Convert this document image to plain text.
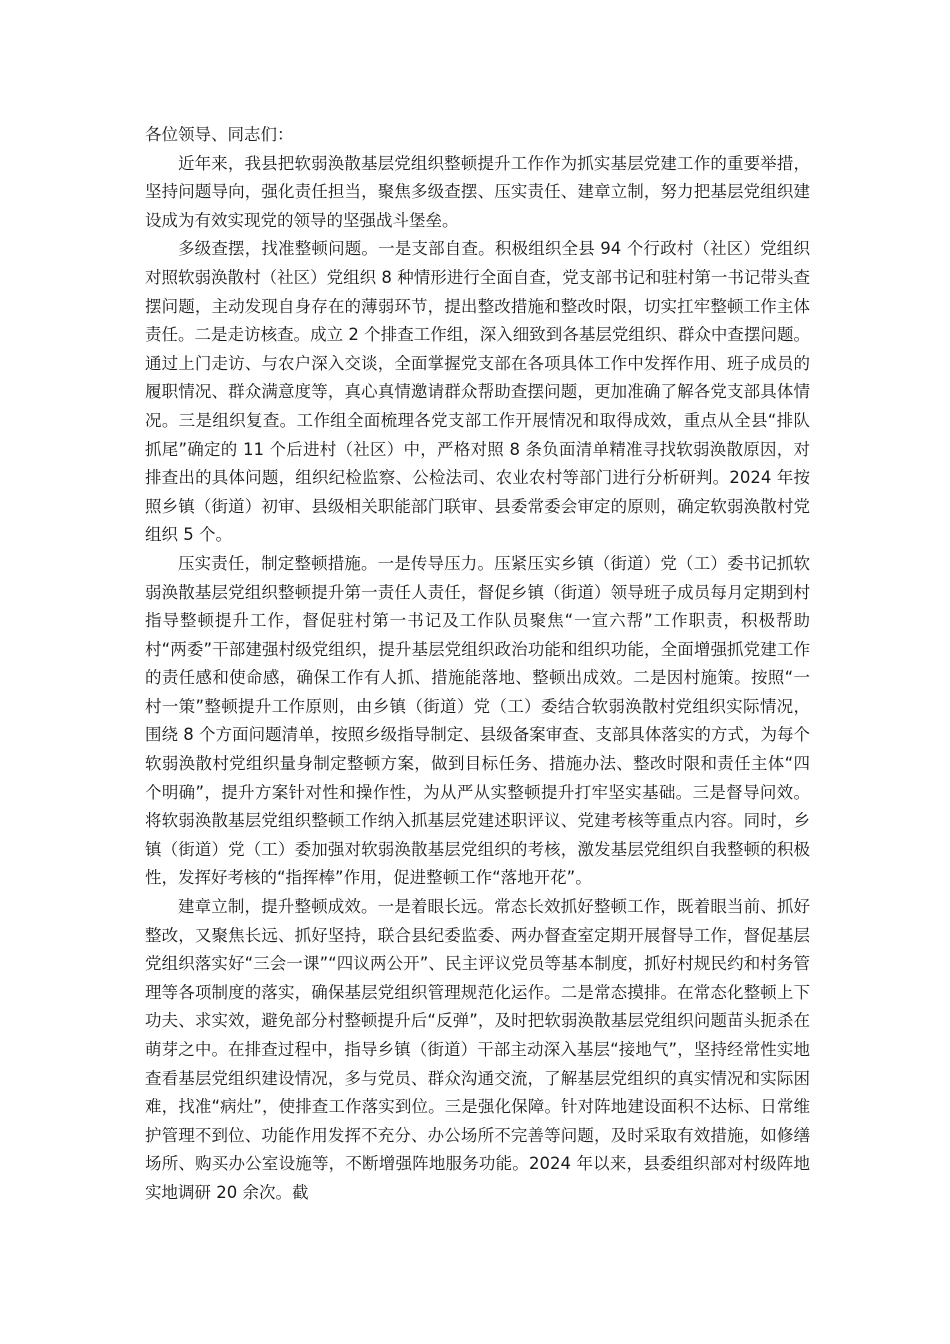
各位领导、同志们：

近年来，我县把软弱涣散基层党组织整顿提升工作作为抓实基层党建工作的重要举措，坚持问题导向，强化责任担当，聚焦多级查摆、压实责任、建章立制，努力把基层党组织建设成为有效实现党的领导的坚强战斗堡垒。

多级查摆，找准整顿问题。一是支部自查。积极组织全县 94 个行政村（社区）党组织对照软弱涣散村（社区）党组织 8 种情形进行全面自查，党支部书记和驻村第一书记带头查摆问题，主动发现自身存在的薄弱环节，提出整改措施和整改时限，切实扛牢整顿工作主体责任。二是走访核查。成立 2 个排查工作组，深入细致到各基层党组织、群众中查摆问题。通过上门走访、与农户深入交谈，全面掌握党支部在各项具体工作中发挥作用、班子成员的履职情况、群众满意度等，真心真情邀请群众帮助查摆问题，更加准确了解各党支部具体情况。三是组织复查。工作组全面梳理各党支部工作开展情况和取得成效，重点从全县“排队抓尾”确定的 11 个后进村（社区）中，严格对照 8 条负面清单精准寻找软弱涣散原因，对排查出的具体问题，组织纪检监察、公检法司、农业农村等部门进行分析研判。2024 年按照乡镇（街道）初审、县级相关职能部门联审、县委常委会审定的原则，确定软弱涣散村党组织 5 个。

压实责任，制定整顿措施。一是传导压力。压紧压实乡镇（街道）党（工）委书记抓软弱涣散基层党组织整顿提升第一责任人责任，督促乡镇（街道）领导班子成员每月定期到村指导整顿提升工作，督促驻村第一书记及工作队员聚焦“一宣六帮”工作职责，积极帮助村“两委”干部建强村级党组织，提升基层党组织政治功能和组织功能，全面增强抓党建工作的责任感和使命感，确保工作有人抓、措施能落地、整顿出成效。二是因村施策。按照“一村一策”整顿提升工作原则，由乡镇（街道）党（工）委结合软弱涣散村党组织实际情况，围绕 8 个方面问题清单，按照乡级指导制定、县级备案审查、支部具体落实的方式，为每个软弱涣散村党组织量身制定整顿方案，做到目标任务、措施办法、整改时限和责任主体“四个明确”，提升方案针对性和操作性，为从严从实整顿提升打牢坚实基础。三是督导问效。将软弱涣散基层党组织整顿工作纳入抓基层党建述职评议、党建考核等重点内容。同时，乡镇（街道）党（工）委加强对软弱涣散基层党组织的考核，激发基层党组织自我整顿的积极性，发挥好考核的“指挥棒”作用，促进整顿工作“落地开花”。

建章立制，提升整顿成效。一是着眼长远。常态长效抓好整顿工作，既着眼当前、抓好整改，又聚焦长远、抓好坚持，联合县纪委监委、两办督查室定期开展督导工作，督促基层党组织落实好“三会一课”“四议两公开”、民主评议党员等基本制度，抓好村规民约和村务管理等各项制度的落实，确保基层党组织管理规范化运作。二是常态摸排。在常态化整顿上下功夫、求实效，避免部分村整顿提升后“反弹”，及时把软弱涣散基层党组织问题苗头扼杀在萌芽之中。在排查过程中，指导乡镇（街道）干部主动深入基层“接地气”，坚持经常性实地查看基层党组织建设情况，多与党员、群众沟通交流，了解基层党组织的真实情况和实际困难，找准“病灶”，使排查工作落实到位。三是强化保障。针对阵地建设面积不达标、日常维护管理不到位、功能作用发挥不充分、办公场所不完善等问题，及时采取有效措施，如修缮场所、购买办公室设施等，不断增强阵地服务功能。2024 年以来，县委组织部对村级阵地实地调研 20 余次。截
